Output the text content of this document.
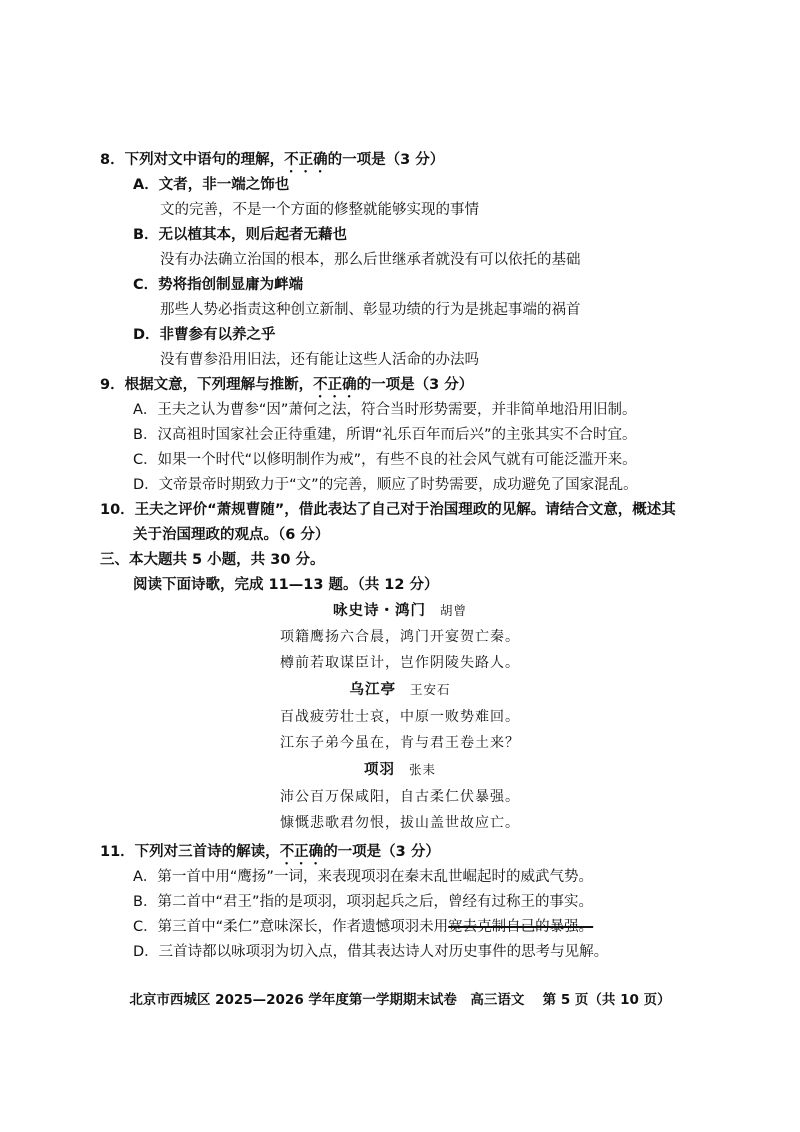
8．下列对文中语句的理解，不正确的一项是（3 分）
A．文者，非一端之饰也
文的完善，不是一个方面的修整就能够实现的事情
B．无以植其本，则后起者无藉也
没有办法确立治国的根本，那么后世继承者就没有可以依托的基础
C．势将指创制显庸为衅端
那些人势必指责这种创立新制、彰显功绩的行为是挑起事端的祸首
D．非曹参有以养之乎
没有曹参沿用旧法，还有能让这些人活命的办法吗
9．根据文意，下列理解与推断，不正确的一项是（3 分）
A．王夫之认为曹参“因”萧何之法，符合当时形势需要，并非简单地沿用旧制。
B．汉高祖时国家社会正待重建，所谓“礼乐百年而后兴”的主张其实不合时宜。
C．如果一个时代“以修明制作为戒”，有些不良的社会风气就有可能泛滥开来。
D．文帝景帝时期致力于“文”的完善，顺应了时势需要，成功避免了国家混乱。
10．王夫之评价“萧规曹随”，借此表达了自己对于治国理政的见解。请结合文意，概述其
关于治国理政的观点。（6 分）
三、本大题共 5 小题，共 30 分。
阅读下面诗歌，完成 11—13 题。（共 12 分）
咏史诗・鸿门 胡曾
项籍鹰扬六合晨，鸿门开宴贺亡秦。
樽前若取谋臣计，岂作阴陵失路人。
乌江亭 王安石
百战疲劳壮士哀，中原一败势难回。
江东子弟今虽在，肯与君王卷土来？
项羽 张耒
沛公百万保咸阳，自古柔仁伏暴强。
慷慨悲歌君勿恨，拔山盖世故应亡。
11．下列对三首诗的解读，不正确的一项是（3 分）
A．第一首中用“鹰扬”一词，来表现项羽在秦末乱世崛起时的威武气势。
B．第二首中“君王”指的是项羽，项羽起兵之后，曾经有过称王的事实。
C．第三首中“柔仁”意味深长，作者遗憾项羽未用宽去克制自己的暴强。
D．三首诗都以咏项羽为切入点，借其表达诗人对历史事件的思考与见解。
北京市西城区 2025—2026 学年度第一学期期末试卷　高三语文　 第 5 页（共 10 页）
